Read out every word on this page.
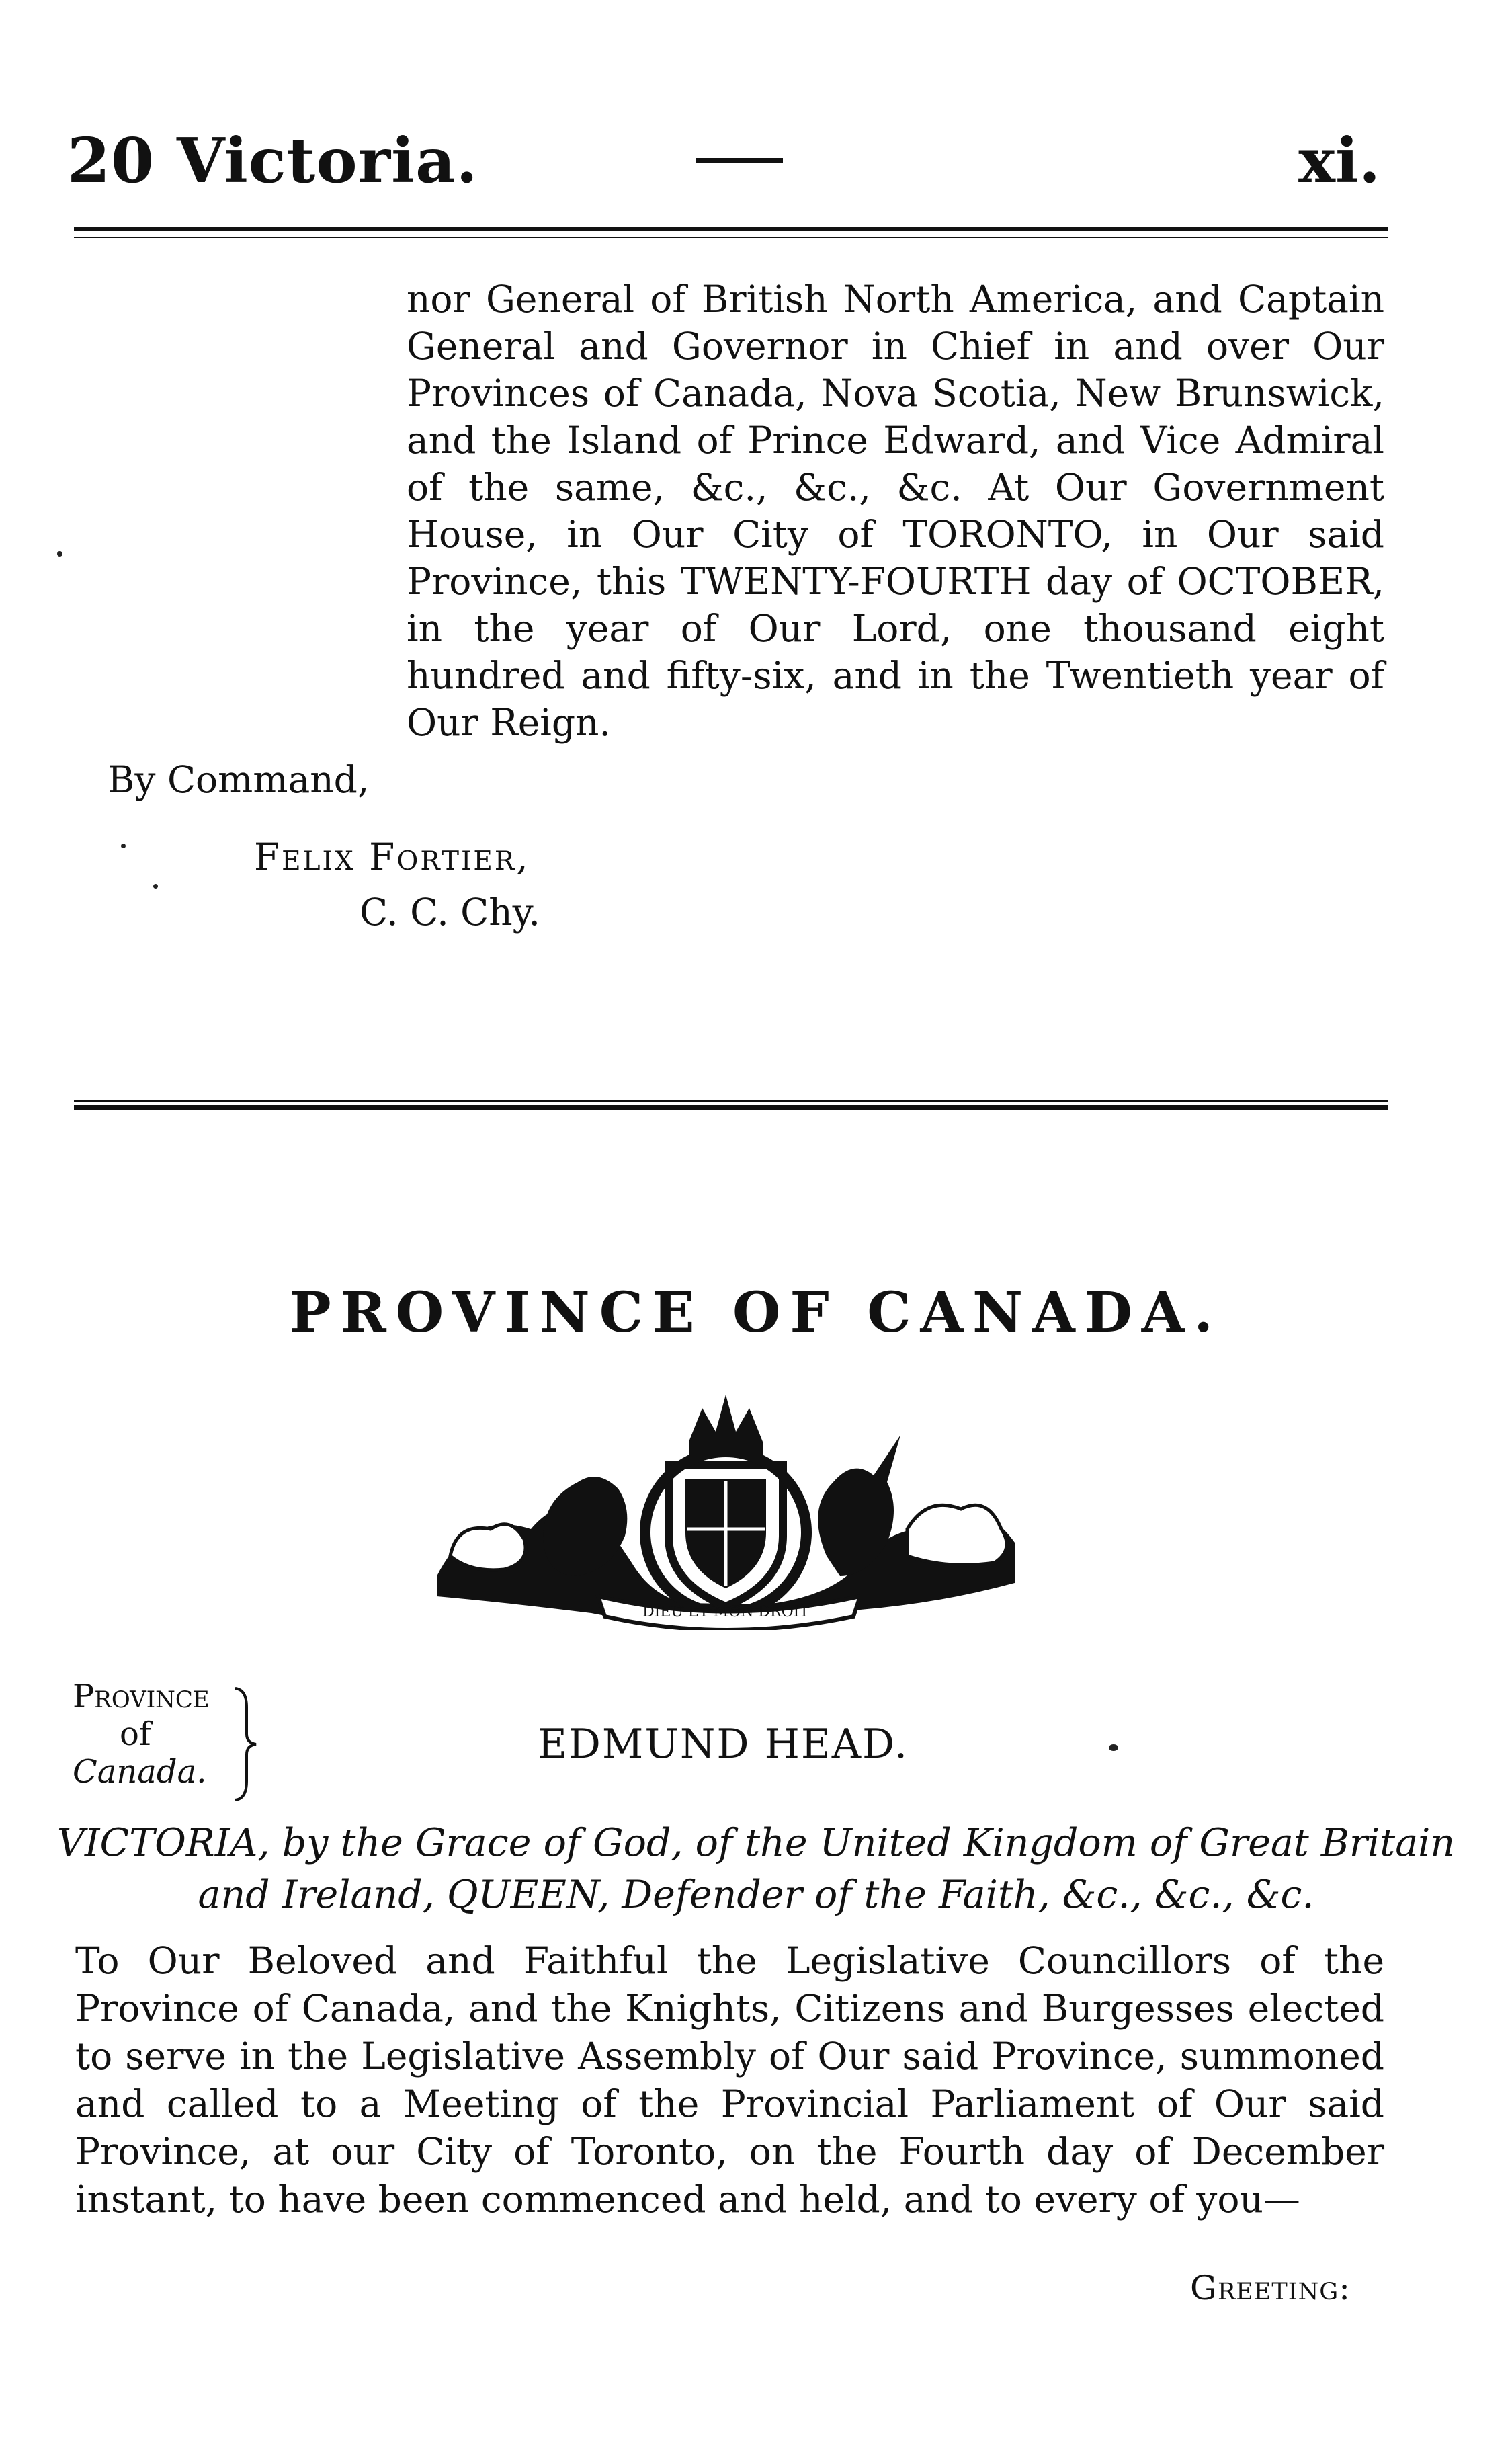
20 Victoria.	xi.
nor General of British North America, and Captain General and Governor in Chief in and over Our Provinces of Canada, Nova Scotia, New Brunswick, and the Island of Prince Edward, and Vice Admiral of the same, &c., &c., &c. At Our Government House, in Our City of TORONTO, in Our said Province, this TWENTY-FOURTH day of OCTOBER, in the year of Our Lord, one thousand eight hundred and fifty-six, and in the Twentieth year of Our Reign.
By Command,
Felix Fortier,
C. C. Chy.
PROVINCE OF CANADA.
DIEU ET MON DROIT
Province
of
Canada.
EDMUND HEAD.
VICTORIA, by the Grace of God, of the United Kingdom of Great Britain
and Ireland, QUEEN, Defender of the Faith, &c., &c., &c.
To Our Beloved and Faithful the Legislative Councillors of the Province of Canada, and the Knights, Citizens and Burgesses elected to serve in the Legislative Assembly of Our said Province, summoned and called to a Meeting of the Provincial Parliament of Our said Province, at our City of Toronto, on the Fourth day of December instant, to have been commenced and held, and to every of you—
Greeting:
